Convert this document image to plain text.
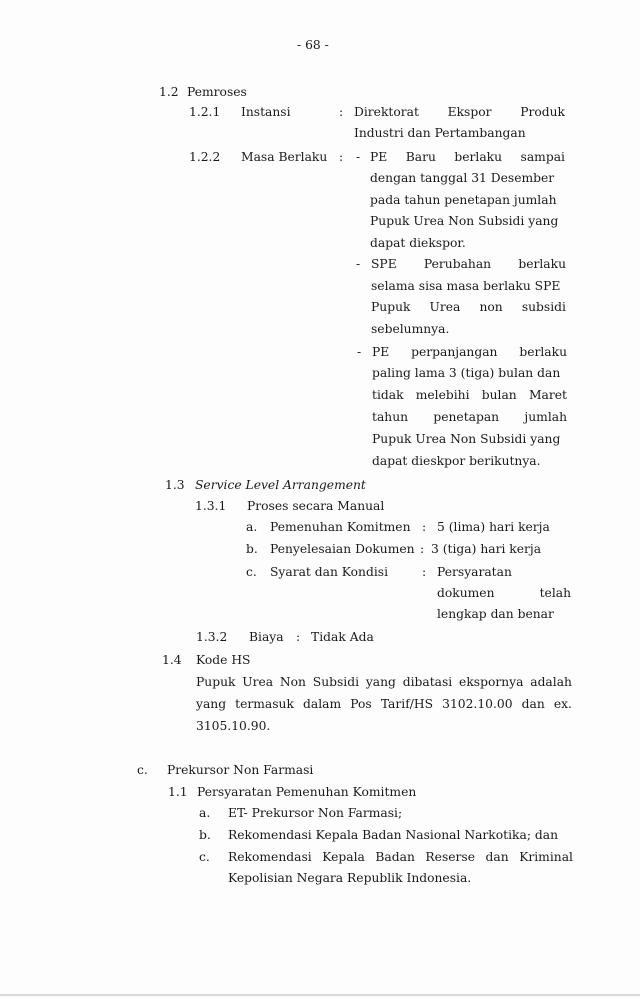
- 68 -
1.2 Pemroses
1.2.1 Instansi	: Direktorat Ekspor Produk
Industri dan Pertambangan
1.2.2 Masa Berlaku : - PE Baru berlaku sampai
dengan tanggal 31 Desember
pada tahun penetapan jumlah
Pupuk Urea Non Subsidi yang
dapat diekspor.
- SPE Perubahan berlaku
selama sisa masa berlaku SPE
Pupuk Urea non subsidi
sebelumnya.
- PE perpanjangan berlaku
paling lama 3 (tiga) bulan dan
tidak melebihi bulan Maret
tahun penetapan jumlah
Pupuk Urea Non Subsidi yang
dapat dieskpor berikutnya.
1.3 Service Level Arrangement
1.3.1 Proses secara Manual
a. Pemenuhan Komitmen : 5 (lima) hari kerja
b. Penyelesaian Dokumen : 3 (tiga) hari kerja
c. Syarat dan Kondisi	: Persyaratan
dokumen	telah
lengkap dan benar
1.3.2 Biaya : Tidak Ada
1.4 Kode HS
Pupuk Urea Non Subsidi yang dibatasi ekspornya adalah
yang termasuk dalam Pos Tarif/HS 3102.10.00 dan ex.
3105.10.90.
c. Prekursor Non Farmasi
1.1 Persyaratan Pemenuhan Komitmen
a. ET- Prekursor Non Farmasi;
b. Rekomendasi Kepala Badan Nasional Narkotika; dan
c. Rekomendasi Kepala Badan Reserse dan Kriminal
Kepolisian Negara Republik Indonesia.
